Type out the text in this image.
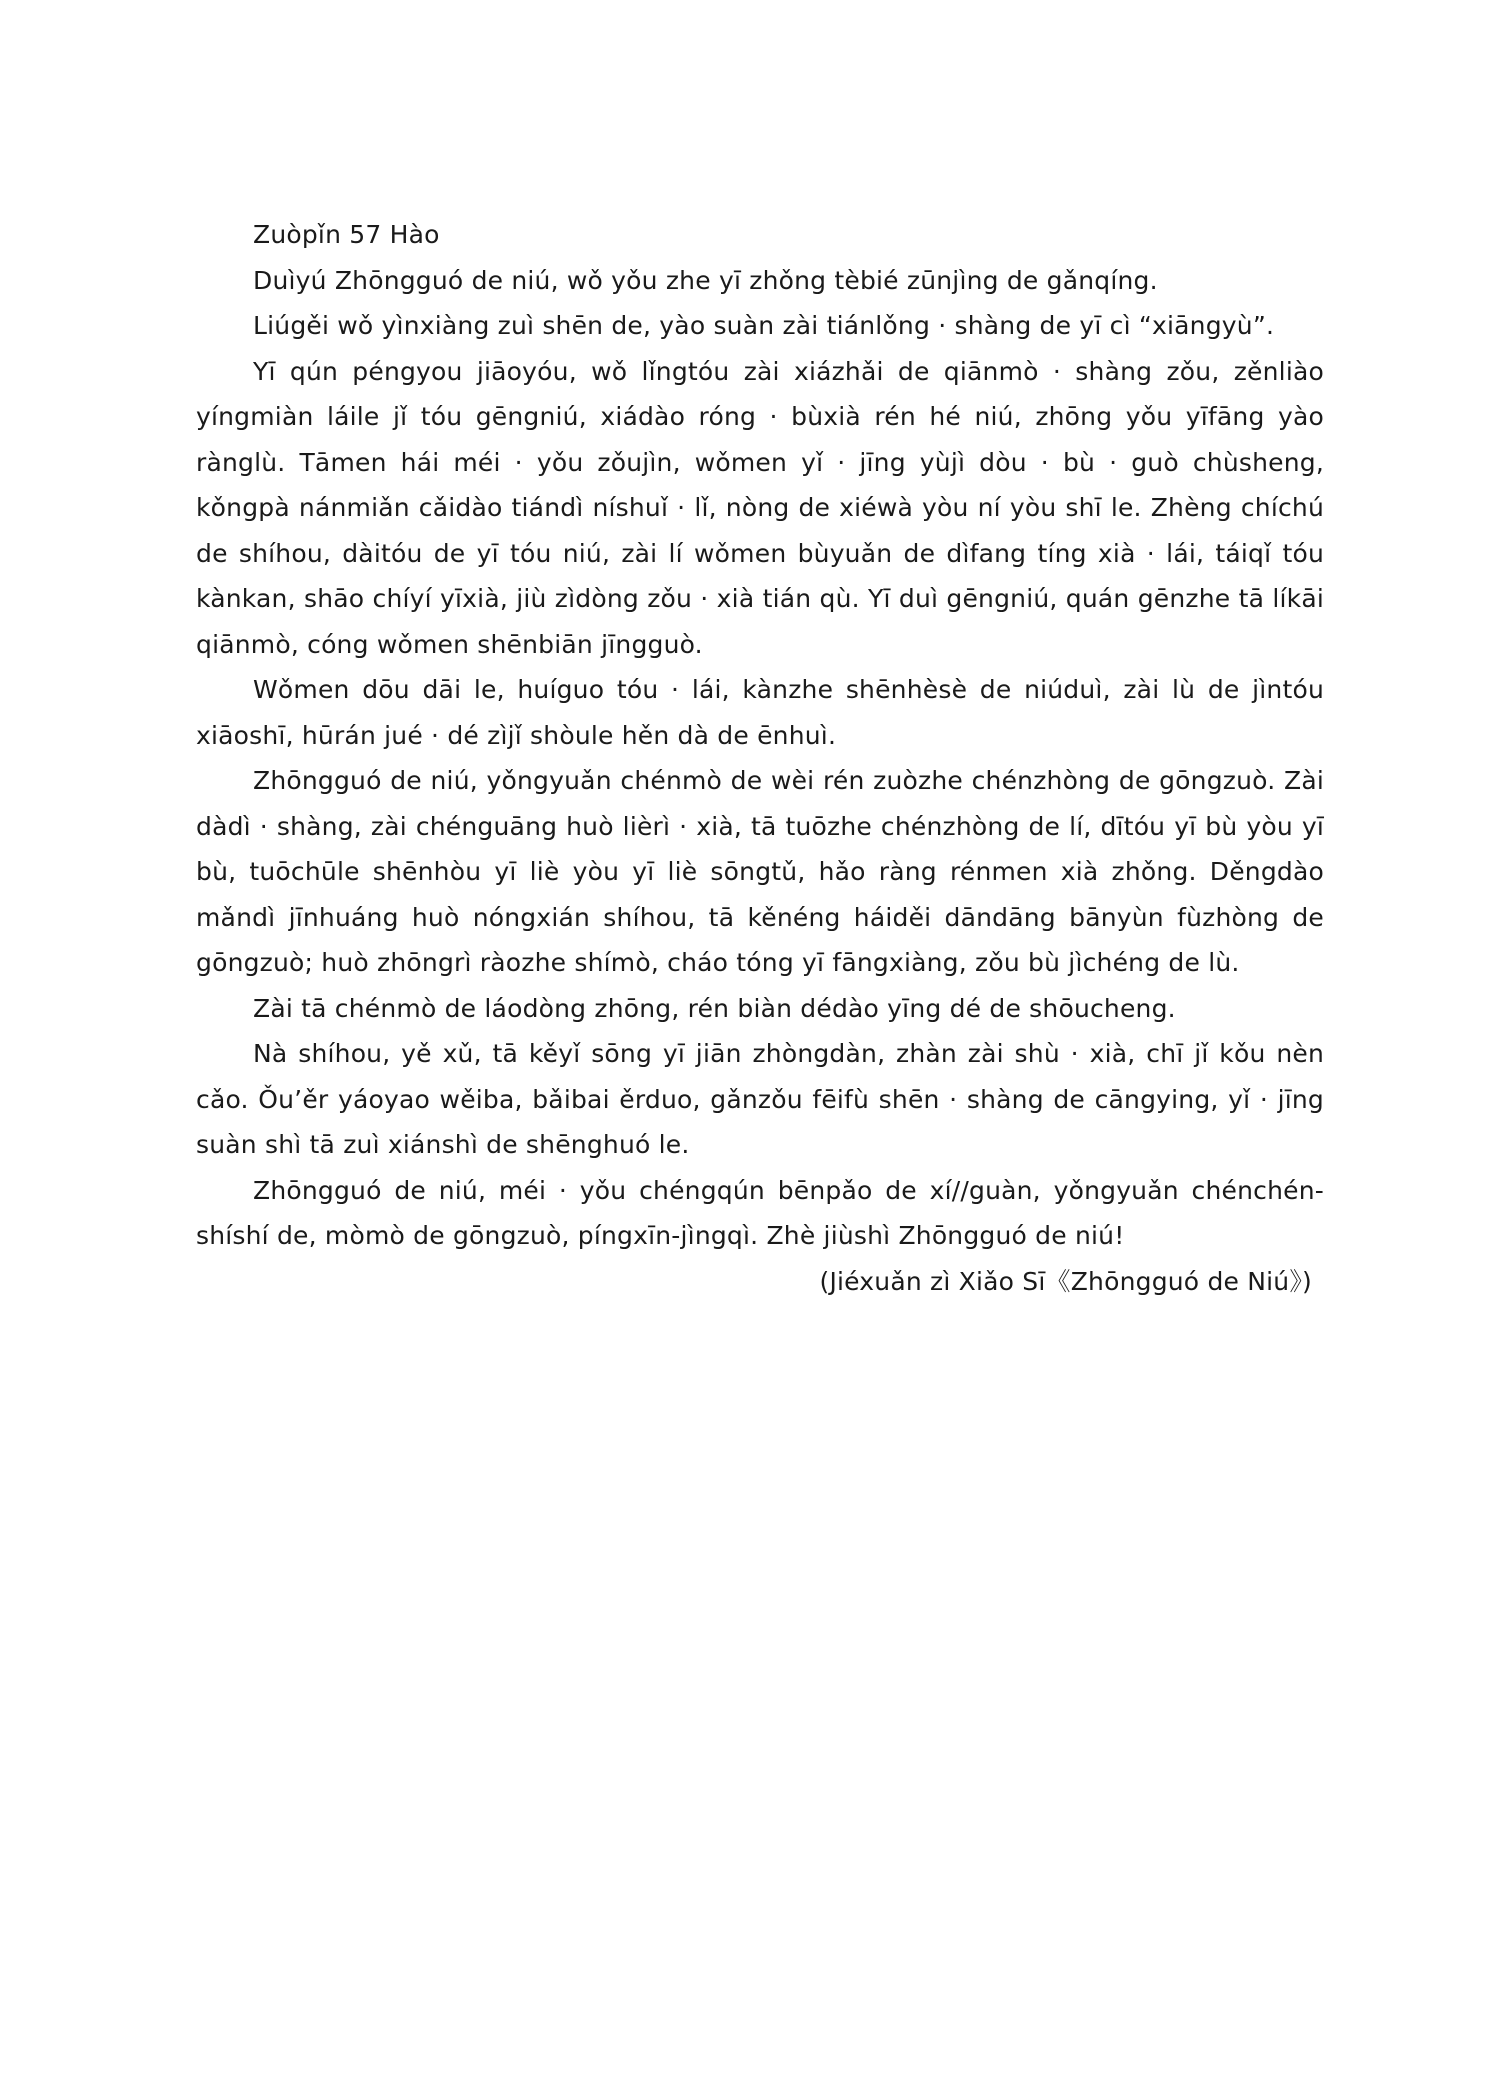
Zuòpǐn 57 Hào

Duìyú Zhōngguó de niú, wǒ yǒu zhe yī zhǒng tèbié zūnjìng de gǎnqíng.

Liúgěi wǒ yìnxiàng zuì shēn de, yào suàn zài tiánlǒng · shàng de yī cì “xiāngyù”.

Yī qún péngyou jiāoyóu, wǒ lǐngtóu zài xiázhǎi de qiānmò · shàng zǒu, zěnliào yíngmiàn láile jǐ tóu gēngniú, xiádào róng · bùxià rén hé niú, zhōng yǒu yīfāng yào rànglù. Tāmen hái méi · yǒu zǒujìn, wǒmen yǐ · jīng yùjì dòu · bù · guò chùsheng, kǒngpà nánmiǎn cǎidào tiándì níshuǐ · lǐ, nòng de xiéwà yòu ní yòu shī le. Zhèng chíchú de shíhou, dàitóu de yī tóu niú, zài lí wǒmen bùyuǎn de dìfang tíng xià · lái, táiqǐ tóu kànkan, shāo chíyí yīxià, jiù zìdòng zǒu · xià tián qù. Yī duì gēngniú, quán gēnzhe tā líkāi qiānmò, cóng wǒmen shēnbiān jīngguò.

Wǒmen dōu dāi le, huíguo tóu · lái, kànzhe shēnhèsè de niúduì, zài lù de jìntóu xiāoshī, hūrán jué · dé zìjǐ shòule hěn dà de ēnhuì.

Zhōngguó de niú, yǒngyuǎn chénmò de wèi rén zuòzhe chénzhòng de gōngzuò. Zài dàdì · shàng, zài chénguāng huò lièrì · xià, tā tuōzhe chénzhòng de lí, dītóu yī bù yòu yī bù, tuōchūle shēnhòu yī liè yòu yī liè sōngtǔ, hǎo ràng rénmen xià zhǒng. Děngdào mǎndì jīnhuáng huò nóngxián shíhou, tā kěnéng háiděi dāndāng bānyùn fùzhòng de gōngzuò; huò zhōngrì ràozhe shímò, cháo tóng yī fāngxiàng, zǒu bù jìchéng de lù.

Zài tā chénmò de láodòng zhōng, rén biàn dédào yīng dé de shōucheng.

Nà shíhou, yě xǔ, tā kěyǐ sōng yī jiān zhòngdàn, zhàn zài shù · xià, chī jǐ kǒu nèn cǎo. Ǒu’ěr yáoyao wěiba, bǎibai ěrduo, gǎnzǒu fēifù shēn · shàng de cāngying, yǐ · jīng suàn shì tā zuì xiánshì de shēnghuó le.

Zhōngguó de niú, méi · yǒu chéngqún bēnpǎo de xí//guàn, yǒngyuǎn chénchén-shíshí de, mòmò de gōngzuò, píngxīn-jìngqì. Zhè jiùshì Zhōngguó de niú!

(Jiéxuǎn zì Xiǎo Sī《Zhōngguó de Niú》)
